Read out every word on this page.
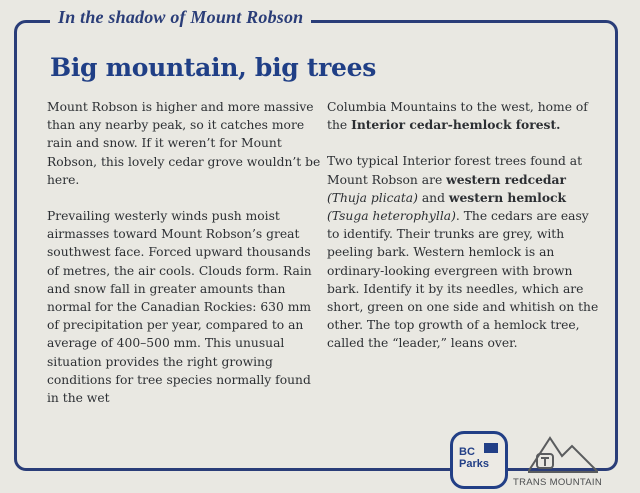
In the shadow of Mount Robson
Big mountain, big trees

Mount Robson is higher and more massive than any nearby peak, so it catches more rain and snow. If it weren’t for Mount Robson, this lovely cedar grove wouldn’t be here.

Prevailing westerly winds push moist airmasses toward Mount Robson’s great southwest face. Forced upward thousands of metres, the air cools. Clouds form. Rain and snow fall in greater amounts than normal for the Canadian Rockies: 630 mm of precipitation per year, compared to an average of 400–500 mm. This unusual situation provides the right growing conditions for tree species normally found in the wet

Columbia Mountains to the west, home of the Interior cedar-hemlock forest.

Two typical Interior forest trees found at Mount Robson are western redcedar (Thuja plicata) and western hemlock (Tsuga heterophylla). The cedars are easy to identify. Their trunks are grey, with peeling bark. Western hemlock is an ordinary-looking evergreen with brown bark. Identify it by its needles, which are short, green on one side and whitish on the other. The top growth of a hemlock tree, called the “leader,” leans over.

BC
Parks
TRANS MOUNTAIN
